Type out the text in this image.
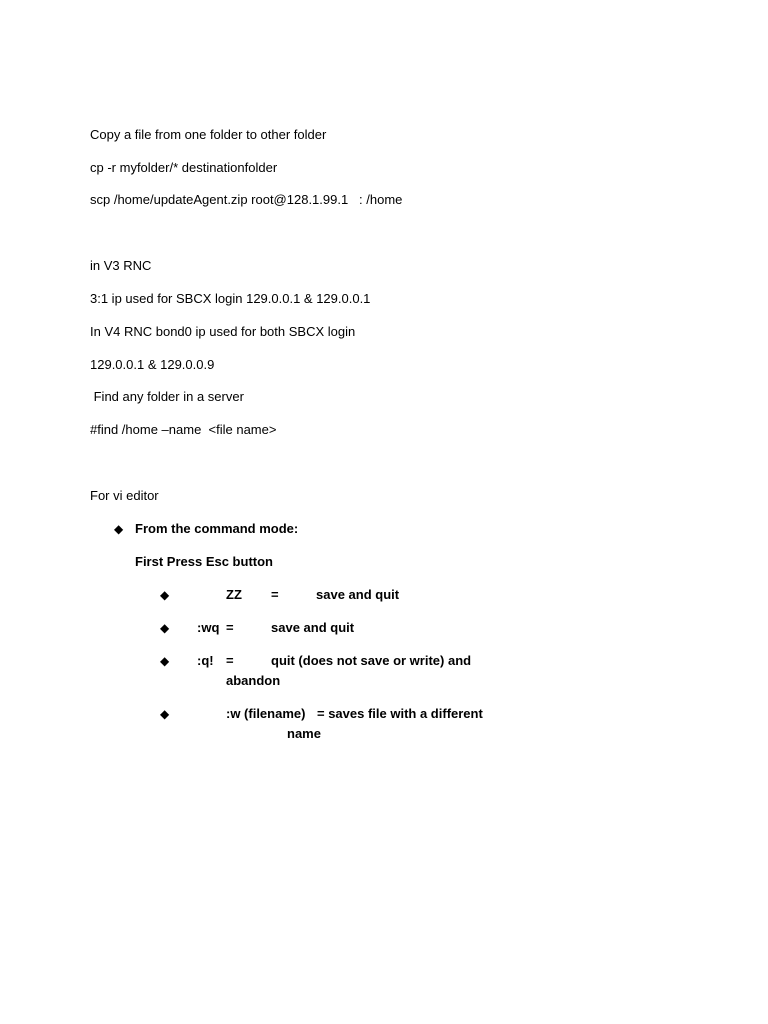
Copy a file from one folder to other folder
cp -r myfolder/* destinationfolder
scp /home/updateAgent.zip root@128.1.99.1   : /home
in V3 RNC
3:1 ip used for SBCX login 129.0.0.1 & 129.0.0.1
In V4 RNC bond0 ip used for both SBCX login
129.0.0.1 & 129.0.0.9
Find any folder in a server
#find /home –name  <file name>
For vi editor
◆ From the command mode:
First Press Esc button
◆	ZZ =	save and quit
◆ :wq =	save and quit
◆ :q! =	quit (does not save or write) and
abandon
◆	:w (filename) = saves file with a different
name
